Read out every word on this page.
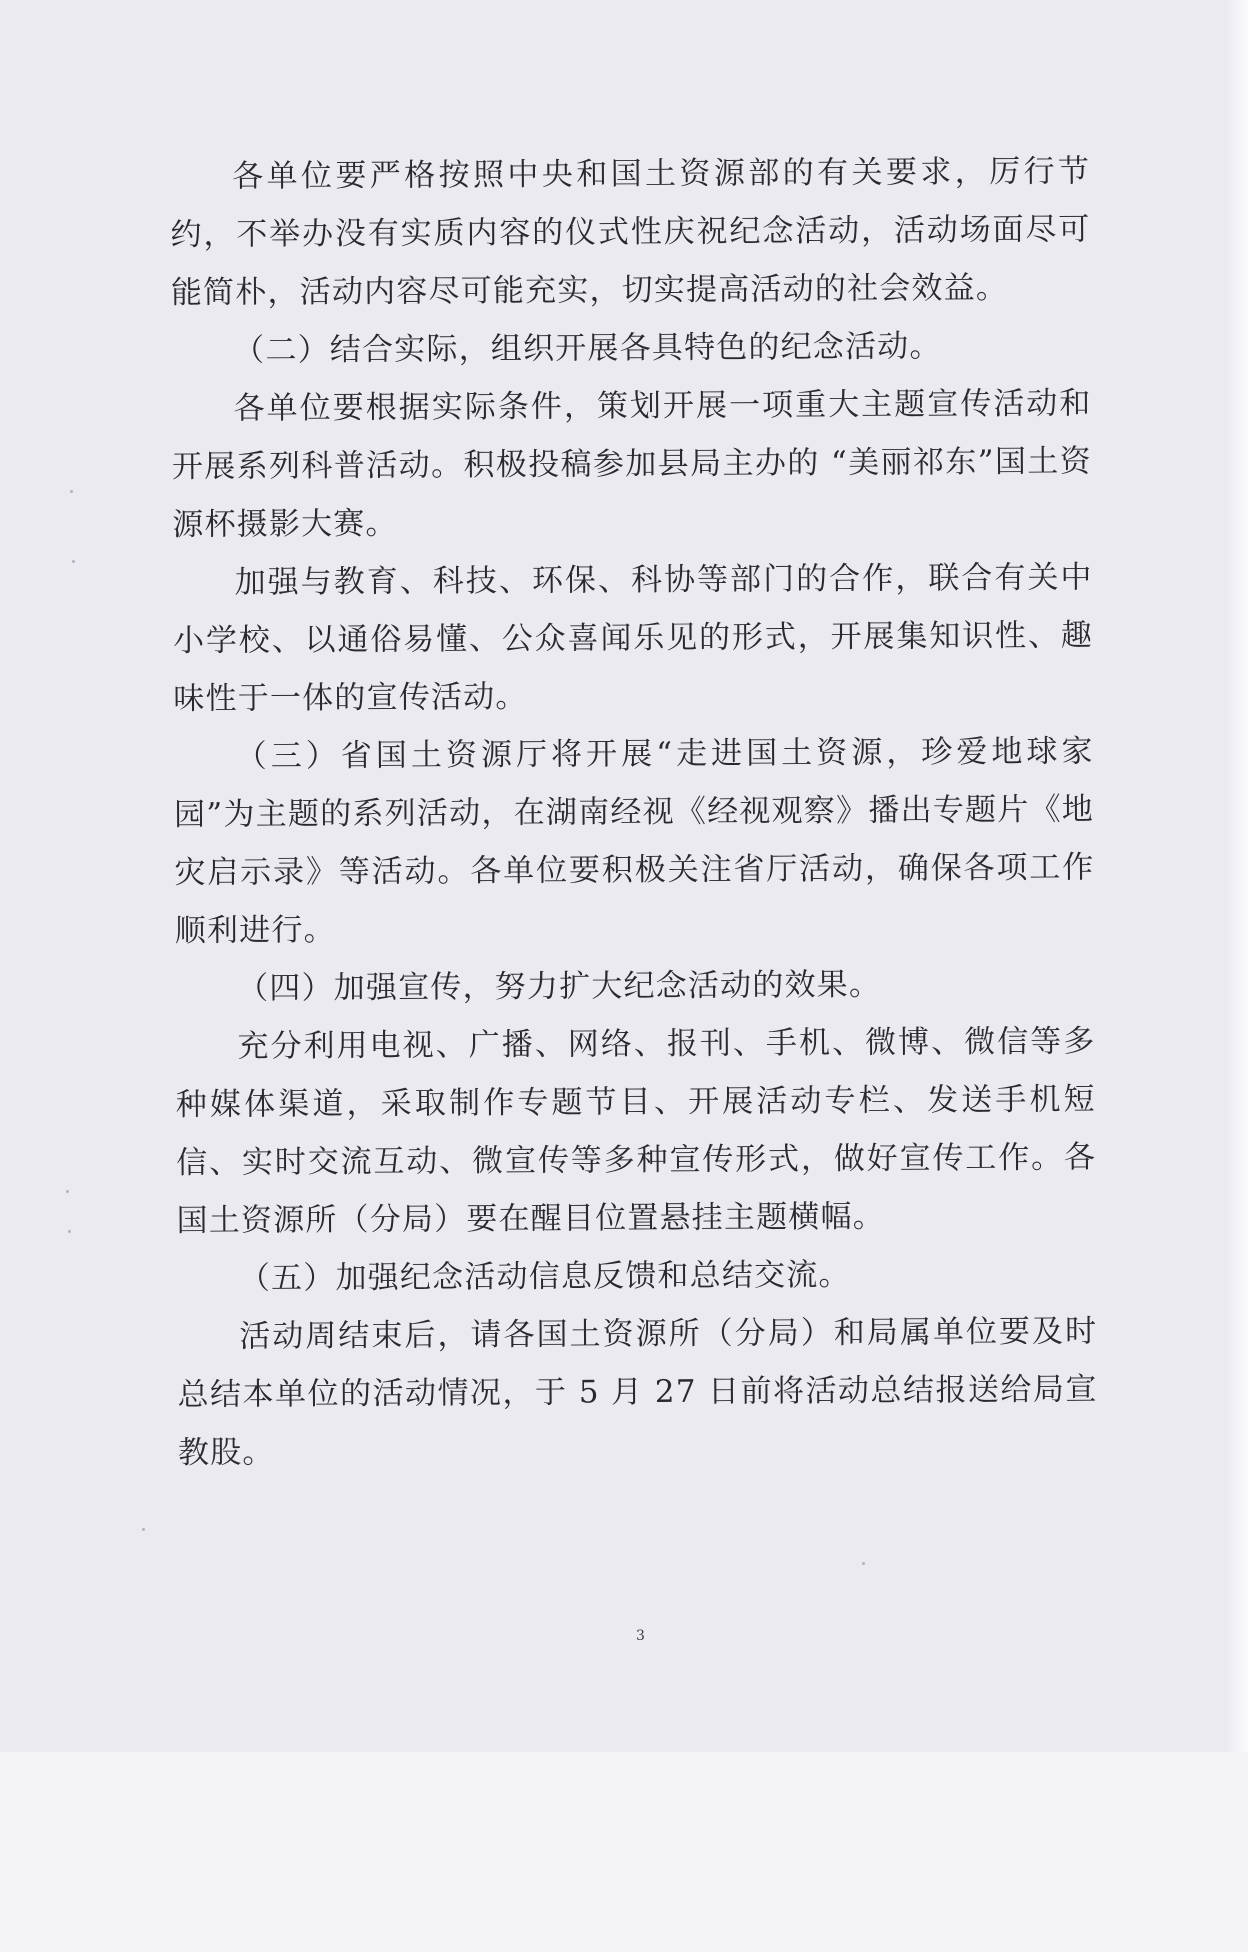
各单位要严格按照中央和国土资源部的有关要求，厉行节约，不举办没有实质内容的仪式性庆祝纪念活动，活动场面尽可能简朴，活动内容尽可能充实，切实提高活动的社会效益。

（二）结合实际，组织开展各具特色的纪念活动。

各单位要根据实际条件，策划开展一项重大主题宣传活动和开展系列科普活动。积极投稿参加县局主办的 “美丽祁东”国土资源杯摄影大赛。

加强与教育、科技、环保、科协等部门的合作，联合有关中小学校、以通俗易懂、公众喜闻乐见的形式，开展集知识性、趣味性于一体的宣传活动。

（三）省国土资源厅将开展“走进国土资源，珍爱地球家园”为主题的系列活动，在湖南经视《经视观察》播出专题片《地灾启示录》等活动。各单位要积极关注省厅活动，确保各项工作顺利进行。

（四）加强宣传，努力扩大纪念活动的效果。

充分利用电视、广播、网络、报刊、手机、微博、微信等多种媒体渠道，采取制作专题节目、开展活动专栏、发送手机短信、实时交流互动、微宣传等多种宣传形式，做好宣传工作。各国土资源所（分局）要在醒目位置悬挂主题横幅。

（五）加强纪念活动信息反馈和总结交流。

活动周结束后，请各国土资源所（分局）和局属单位要及时总结本单位的活动情况，于 5 月 27 日前将活动总结报送给局宣教股。

3
